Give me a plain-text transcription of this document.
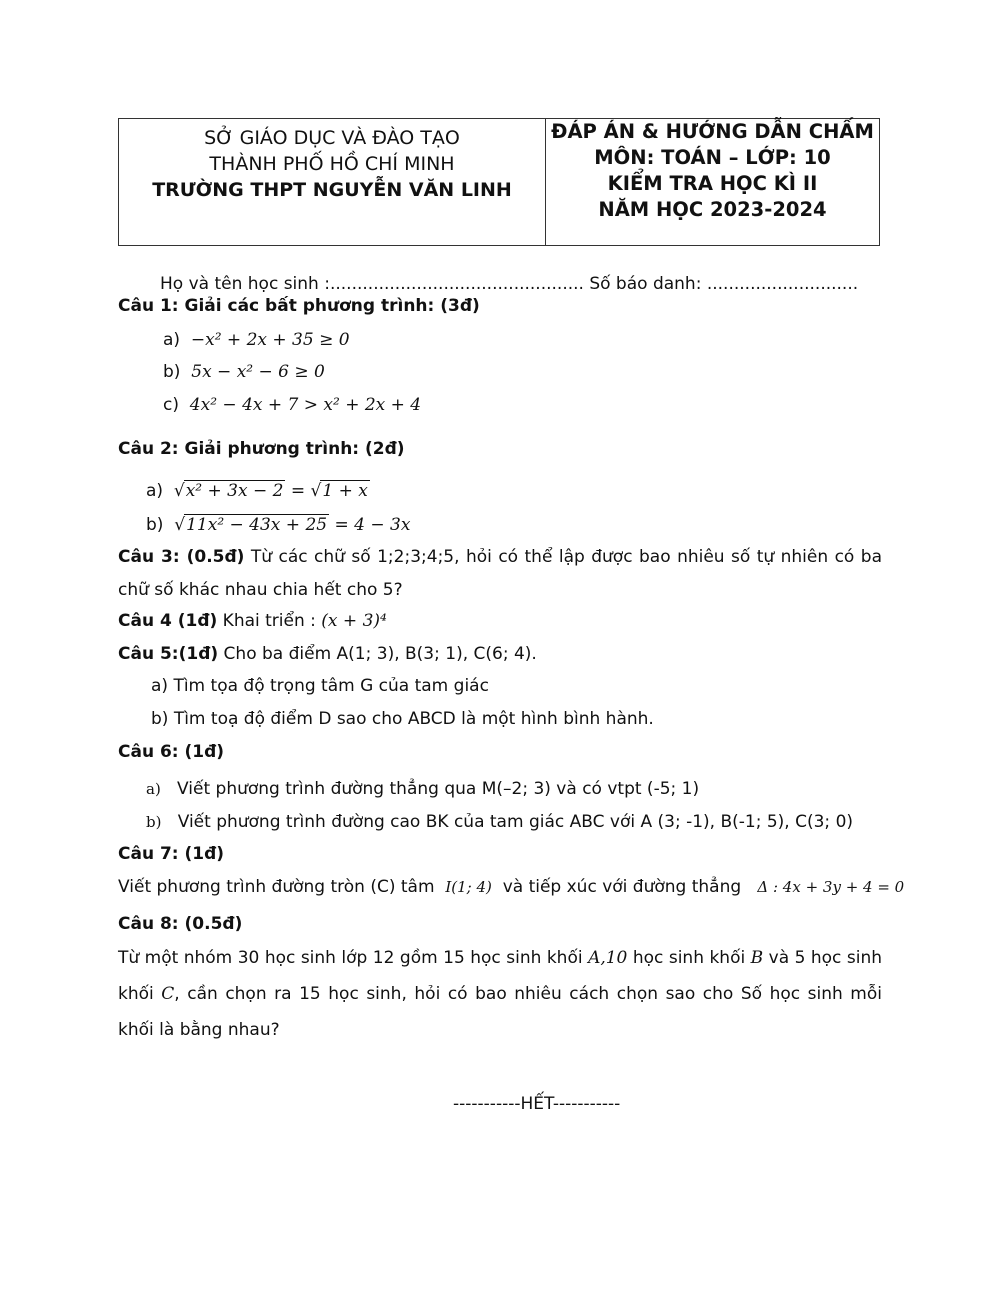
SỞ GIÁO DỤC VÀ ĐÀO TẠO
THÀNH PHỐ HỒ CHÍ MINH
TRƯỜNG THPT NGUYỄN VĂN LINH
ĐÁP ÁN & HƯỚNG DẪN CHẤM
MÔN: TOÁN – LỚP: 10
KIỂM TRA HỌC KÌ II
NĂM HỌC 2023-2024
Họ và tên học sinh :............................................... Số báo danh: ............................
Câu 1: Giải các bất phương trình: (3đ)
a) −x² + 2x + 35 ≥ 0
b) 5x − x² − 6 ≥ 0
c) 4x² − 4x + 7 > x² + 2x + 4
Câu 2: Giải phương trình: (2đ)
a) √x² + 3x − 2 = √1 + x
b) √11x² − 43x + 25 = 4 − 3x
Câu 3: (0.5đ) Từ các chữ số 1;2;3;4;5, hỏi có thể lập được bao nhiêu số tự nhiên có ba chữ số khác nhau chia hết cho 5?
Câu 4 (1đ) Khai triển : (x + 3)⁴
Câu 5:(1đ) Cho ba điểm A(1; 3), B(3; 1), C(6; 4).
a) Tìm tọa độ trọng tâm G của tam giác
b) Tìm toạ độ điểm D sao cho ABCD là một hình bình hành.
Câu 6: (1đ)
a) Viết phương trình đường thẳng qua M(–2; 3) và có vtpt (-5; 1)
b) Viết phương trình đường cao BK của tam giác ABC với A (3; -1), B(-1; 5), C(3; 0)
Câu 7: (1đ)
Viết phương trình đường tròn (C) tâm  I(1; 4)  và tiếp xúc với đường thẳng   Δ : 4x + 3y + 4 = 0
Câu 8: (0.5đ)
Từ một nhóm 30 học sinh lớp 12 gồm 15 học sinh khối A,10 học sinh khối B và 5 học sinh khối C, cần chọn ra 15 học sinh, hỏi có bao nhiêu cách chọn sao cho Số học sinh mỗi khối là bằng nhau?
-----------HẾT-----------
